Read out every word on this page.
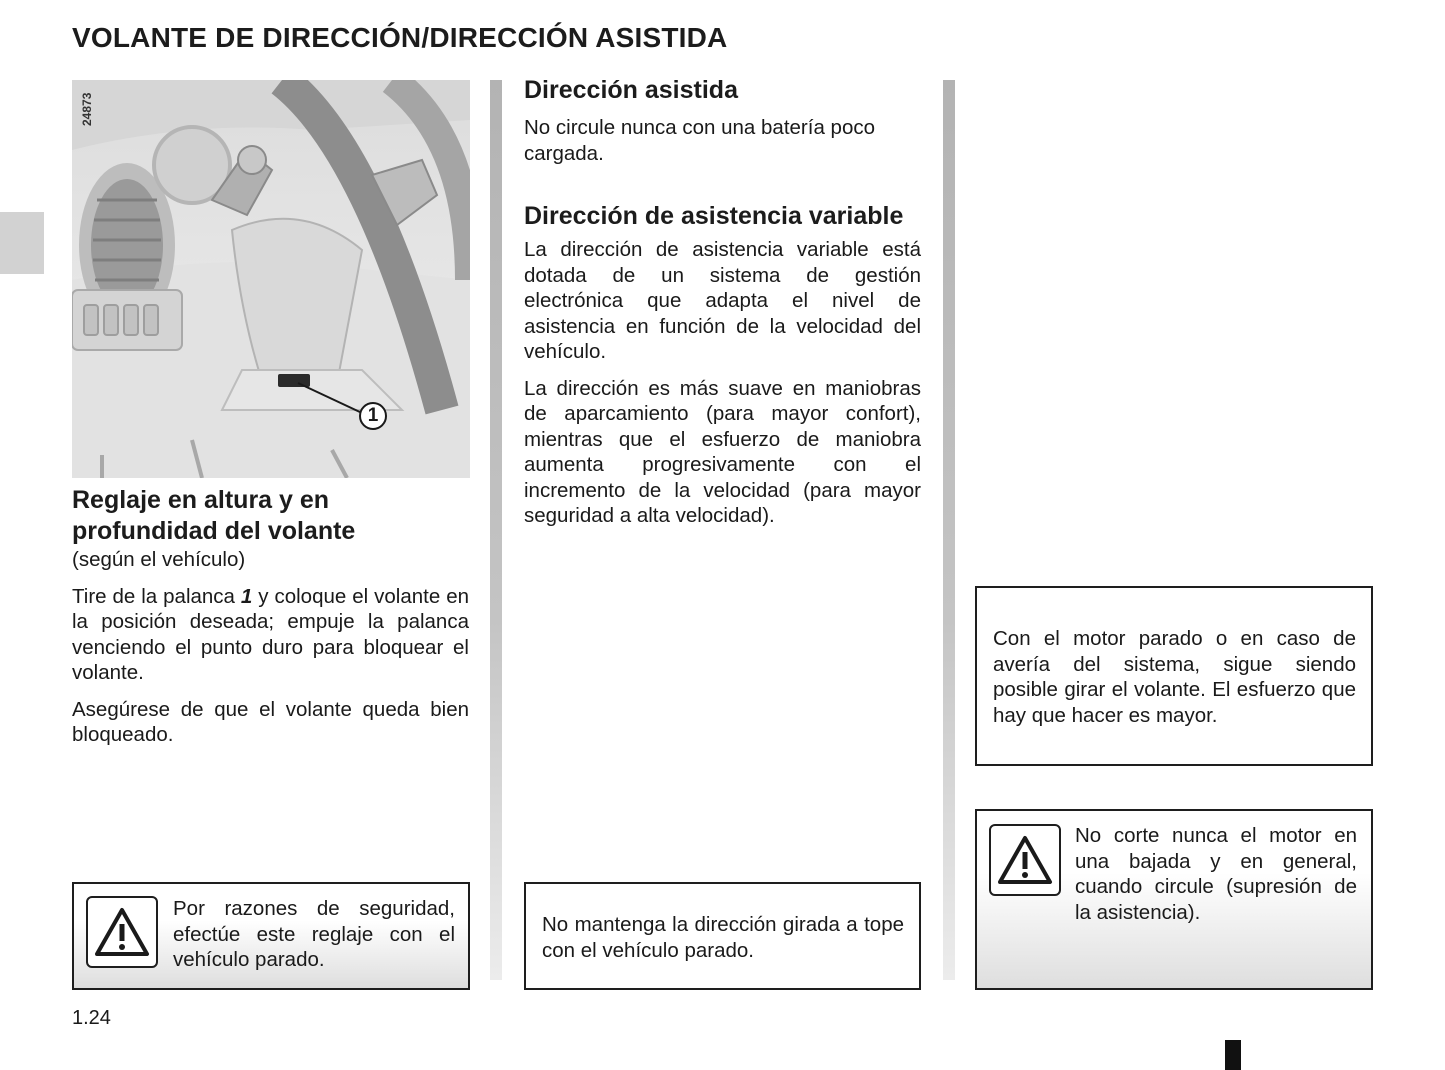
VOLANTE DE DIRECCIÓN/DIRECCIÓN ASISTIDA
1
24873
Reglaje en altura y en profundidad del volante

(según el vehículo)

Tire de la palanca 1 y coloque el volante en la posición deseada; empuje la palanca venciendo el punto duro para bloquear el volante.

Asegúrese de que el volante queda bien bloqueado.

Por razones de seguridad, efectúe este reglaje con el vehículo parado.
Dirección asistida

No circule nunca con una batería poco cargada.

Dirección de asistencia variable

La dirección de asistencia variable está dotada de un sistema de gestión electrónica que adapta el nivel de asistencia en función de la velocidad del vehículo.

La dirección es más suave en maniobras de aparcamiento (para mayor confort), mientras que el esfuerzo de maniobra aumenta progresivamente con el incremento de la velocidad (para mayor seguridad a alta velocidad).

No mantenga la dirección girada a tope con el vehículo parado.
Con el motor parado o en caso de avería del sistema, sigue siendo posible girar el volante. El esfuerzo que hay que hacer es mayor.
No corte nunca el motor en una bajada y en general, cuando circule (supresión de la asistencia).
1.24
